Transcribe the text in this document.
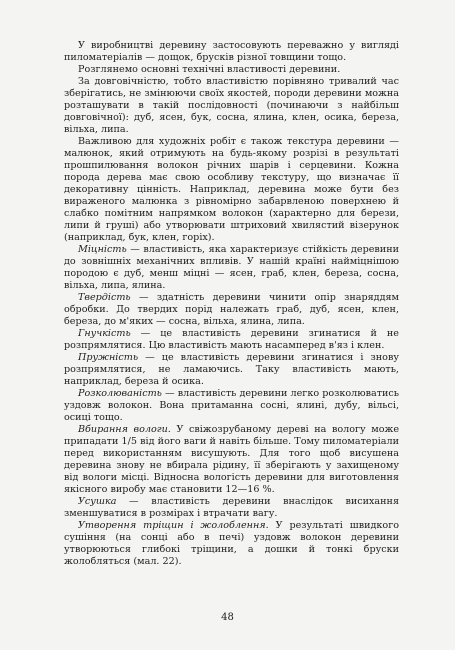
У виробництві деревину застосовують переважно у вигляді пиломатеріалів — дощок, брусків різної товщини тощо.

Розглянемо основні технічні властивості деревини.

За довговічністю, тобто властивістю порівняно тривалий час зберігатись, не змінюючи своїх якостей, породи деревини можна розташувати в такій послідовності (починаючи з найбільш довговічної): дуб, ясен, бук, сосна, ялина, клен, осика, береза, вільха, липа.

Важливою для художніх робіт є також текстура деревини — малюнок, який отримують на будь-якому розрізі в результаті прошпилювання волокон річних шарів і серцевини. Кожна порода дерева має свою особливу текстуру, що визначає її декоративну цінність. Наприклад, деревина може бути без вираженого малюнка з рівномірно забарвленою поверхнею й слабко помітним напрямком волокон (характерно для берези, липи й груші) або утворювати штриховий хвилястий візерунок (наприклад, бук, клен, горіх).

Міцність — властивість, яка характеризує стійкість деревини до зовнішніх механічних впливів. У нашій країні найміцнішою породою є дуб, менш міцні — ясен, граб, клен, береза, сосна, вільха, липа, ялина.

Твердість — здатність деревини чинити опір знаряддям обробки. До твердих порід належать граб, дуб, ясен, клен, береза, до м'яких — сосна, вільха, ялина, липа.

Гнучкість — це властивість деревини згинатися й не розпрямлятися. Цю властивість мають насамперед в'яз і клен.

Пружність — це властивість деревини згинатися і знову розпрямлятися, не ламаючись. Таку властивість мають, наприклад, береза й осика.

Розколюваність — властивість деревини легко розколюватись уздовж волокон. Вона притаманна сосні, ялині, дубу, вільсі, осиці тощо.

Вбирання вологи. У свіжозрубаному дереві на вологу може припадати 1/5 від його ваги й навіть більше. Тому пиломатеріали перед використанням висушують. Для того щоб висушена деревина знову не вбирала рідину, її зберігають у захищеному від вологи місці. Відносна вологість деревини для виготовлення якісного виробу має становити 12—16 %.

Усушка — властивість деревини внаслідок висихання зменшуватися в розмірах і втрачати вагу.

Утворення тріщин і жолоблення. У результаті швидкого сушіння (на сонці або в печі) уздовж волокон деревини утворюються глибокі тріщини, а дошки й тонкі бруски жолобляться (мал. 22).

48
